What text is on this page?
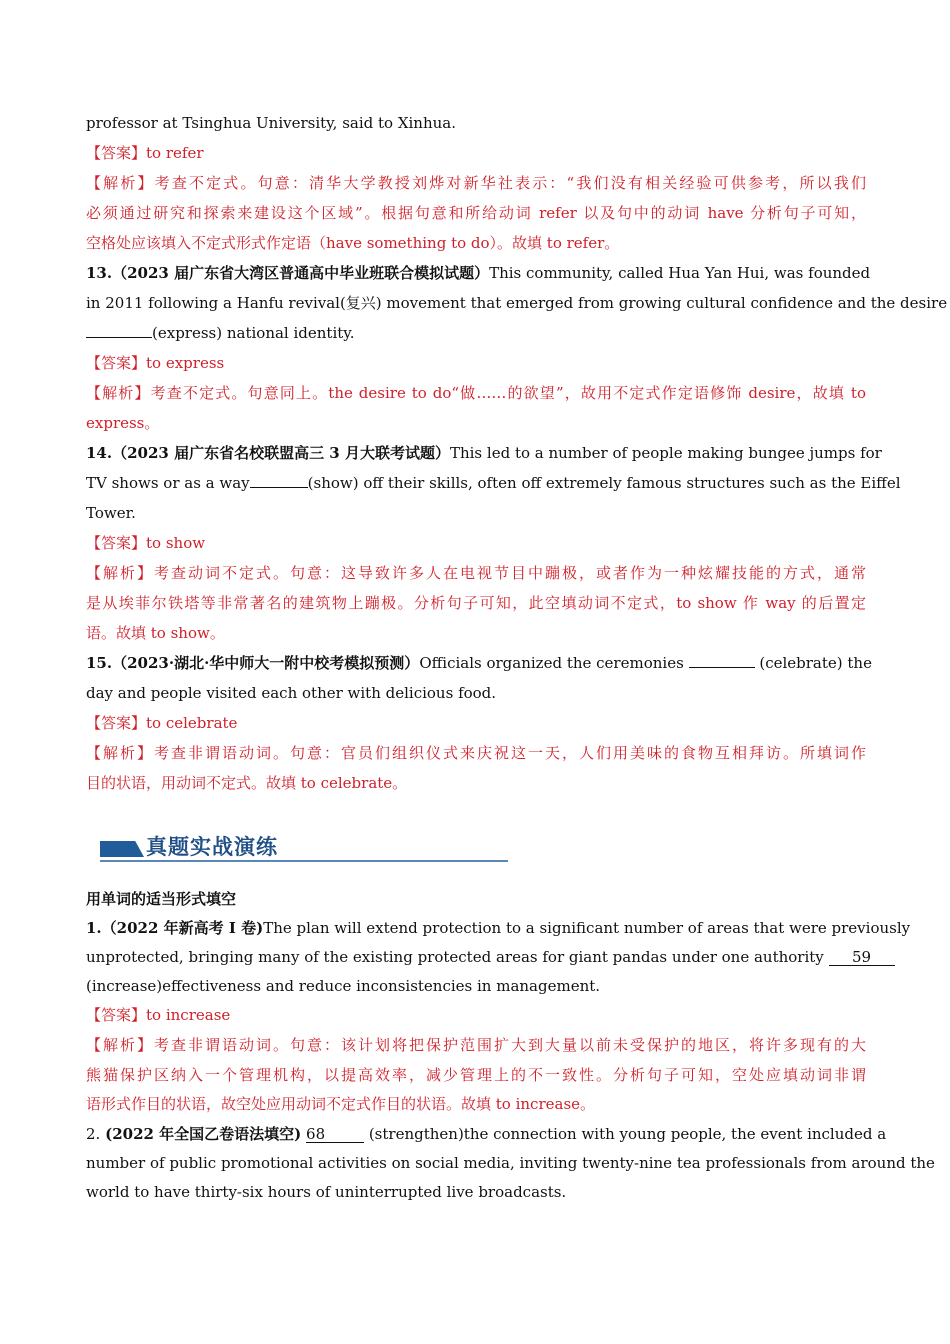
professor at Tsinghua University, said to Xinhua.
【答案】to refer
【解析】考查不定式。句意：清华大学教授刘烨对新华社表示：“我们没有相关经验可供参考，所以我们
必须通过研究和探索来建设这个区域”。根据句意和所给动词 refer 以及句中的动词 have 分析句子可知，
空格处应该填入不定式形式作定语（have something to do）。故填 to refer。
13.（2023 届广东省大湾区普通高中毕业班联合模拟试题）This community, called Hua Yan Hui, was founded
in 2011 following a Hanfu revival(复兴) movement that emerged from growing cultural confidence and the desire
(express) national identity.
【答案】to express
【解析】考查不定式。句意同上。the desire to do“做……的欲望”，故用不定式作定语修饰 desire，故填 to
express。
14.（2023 届广东省名校联盟高三 3 月大联考试题）This led to a number of people making bungee jumps for
TV shows or as a way	(show) off their skills, often off extremely famous structures such as the Eiffel
Tower.
【答案】to show
【解析】考查动词不定式。句意：这导致许多人在电视节目中蹦极，或者作为一种炫耀技能的方式，通常
是从埃菲尔铁塔等非常著名的建筑物上蹦极。分析句子可知，此空填动词不定式，to show 作 way 的后置定
语。故填 to show。
15.（2023·湖北·华中师大一附中校考模拟预测）Officials organized the ceremonies	(celebrate) the
day and people visited each other with delicious food.
【答案】to celebrate
【解析】考查非谓语动词。句意：官员们组织仪式来庆祝这一天，人们用美味的食物互相拜访。所填词作
目的状语，用动词不定式。故填 to celebrate。
真题实战演练
用单词的适当形式填空
1.（2022 年新高考 I 卷)The plan will extend protection to a significant number of areas that were previously
unprotected, bringing many of the existing protected areas for giant pandas under one authority 59
(increase)effectiveness and reduce inconsistencies in management.
【答案】to increase
【解析】考查非谓语动词。句意：该计划将把保护范围扩大到大量以前未受保护的地区，将许多现有的大
熊猫保护区纳入一个管理机构，以提高效率，减少管理上的不一致性。分析句子可知，空处应填动词非谓
语形式作目的状语，故空处应用动词不定式作目的状语。故填 to increase。
2. (2022 年全国乙卷语法填空) 68	(strengthen)the connection with young people, the event included a
number of public promotional activities on social media, inviting twenty-nine tea professionals from around the
world to have thirty-six hours of uninterrupted live broadcasts.
